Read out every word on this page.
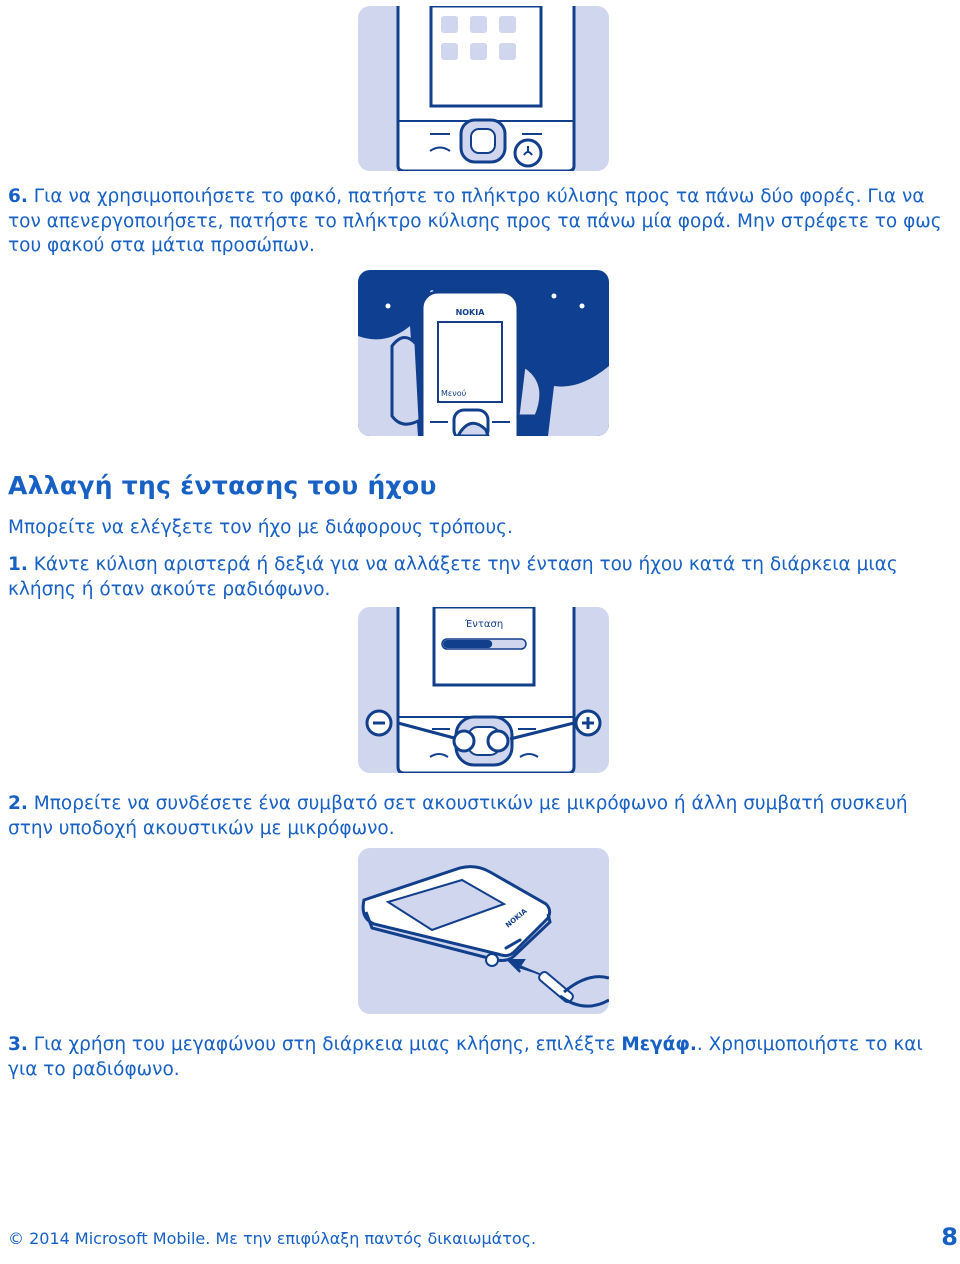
6. Για να χρησιμοποιήσετε το φακό, πατήστε το πλήκτρο κύλισης προς τα πάνω δύο φορές. Για να τον απενεργοποιήσετε, πατήστε το πλήκτρο κύλισης προς τα πάνω μία φορά. Μην στρέφετε το φως του φακού στα μάτια προσώπων.

NOKIA
Μενού
Αλλαγή της έντασης του ήχου

Μπορείτε να ελέγξετε τον ήχο με διάφορους τρόπους.

1. Κάντε κύλιση αριστερά ή δεξιά για να αλλάξετε την ένταση του ήχου κατά τη διάρκεια μιας κλήσης ή όταν ακούτε ραδιόφωνο.

Ένταση

2. Μπορείτε να συνδέσετε ένα συμβατό σετ ακουστικών με μικρόφωνο ή άλλη συμβατή συσκευή στην υποδοχή ακουστικών με μικρόφωνο.

NOKIA

3. Για χρήση του μεγαφώνου στη διάρκεια μιας κλήσης, επιλέξτε Μεγάφ.. Χρησιμοποιήστε το και για το ραδιόφωνο.

© 2014 Microsoft Mobile. Με την επιφύλαξη παντός δικαιωμάτος.	8
